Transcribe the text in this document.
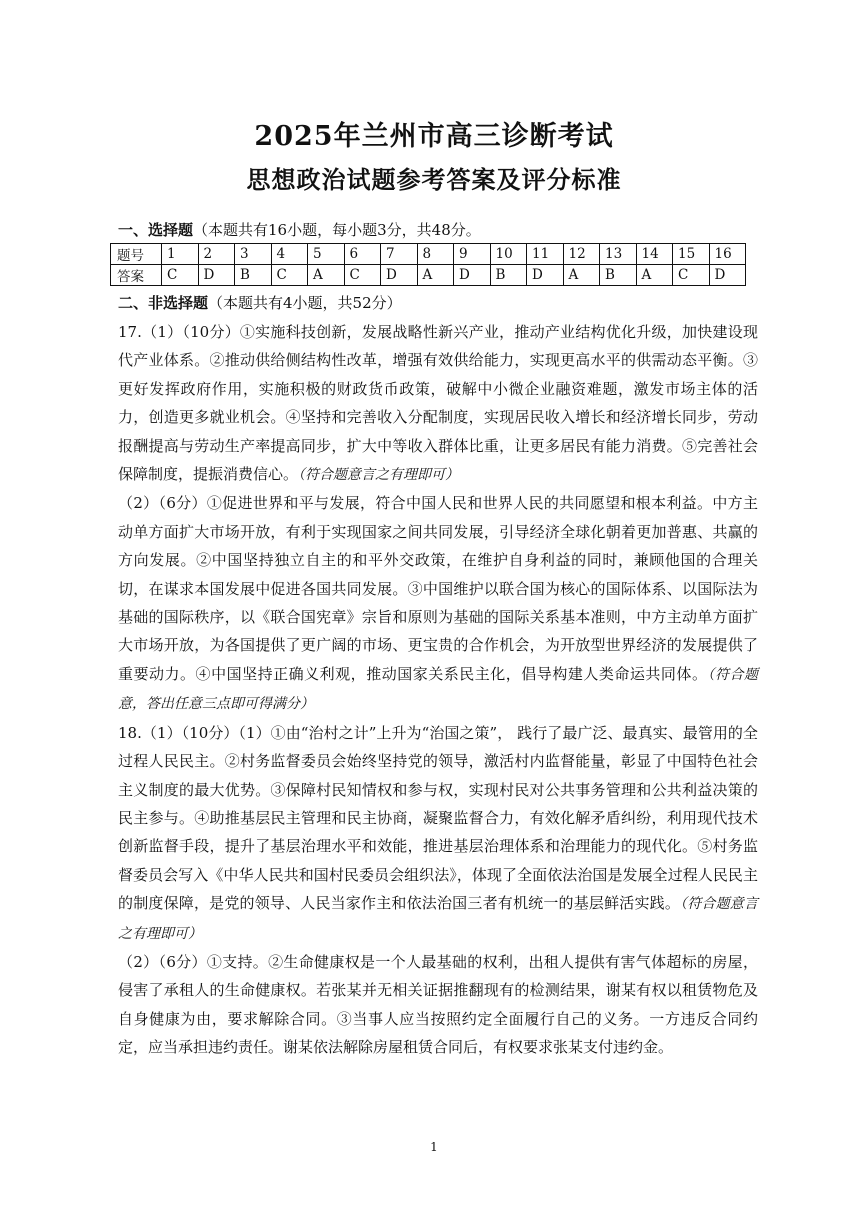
2025年兰州市高三诊断考试
思想政治试题参考答案及评分标准
一、选择题（本题共有16小题，每小题3分，共48分。
题号	1	2	3	4	5	6	7	8	9	10	11	12	13	14	15	16
答案	C	D	B	C	A	C	D	A	D	B	D	A	B	A	C	D
二、非选择题（本题共有4小题，共52分）

17.（1）（10分）①实施科技创新，发展战略性新兴产业，推动产业结构优化升级，加快建设现代产业体系。②推动供给侧结构性改革，增强有效供给能力，实现更高水平的供需动态平衡。③更好发挥政府作用，实施积极的财政货币政策，破解中小微企业融资难题，激发市场主体的活力，创造更多就业机会。④坚持和完善收入分配制度，实现居民收入增长和经济增长同步，劳动报酬提高与劳动生产率提高同步，扩大中等收入群体比重，让更多居民有能力消费。⑤完善社会保障制度，提振消费信心。（符合题意言之有理即可）

（2）（6分）①促进世界和平与发展，符合中国人民和世界人民的共同愿望和根本利益。中方主动单方面扩大市场开放，有利于实现国家之间共同发展，引导经济全球化朝着更加普惠、共赢的方向发展。②中国坚持独立自主的和平外交政策，在维护自身利益的同时，兼顾他国的合理关切，在谋求本国发展中促进各国共同发展。③中国维护以联合国为核心的国际体系、以国际法为基础的国际秩序，以《联合国宪章》宗旨和原则为基础的国际关系基本准则，中方主动单方面扩大市场开放，为各国提供了更广阔的市场、更宝贵的合作机会，为开放型世界经济的发展提供了重要动力。④中国坚持正确义利观，推动国家关系民主化，倡导构建人类命运共同体。（符合题意，答出任意三点即可得满分）

18.（1）（10分）（1）①由“治村之计”上升为“治国之策”， 践行了最广泛、最真实、最管用的全过程人民民主。②村务监督委员会始终坚持党的领导，激活村内监督能量，彰显了中国特色社会主义制度的最大优势。③保障村民知情权和参与权，实现村民对公共事务管理和公共利益决策的民主参与。④助推基层民主管理和民主协商，凝聚监督合力，有效化解矛盾纠纷，利用现代技术创新监督手段，提升了基层治理水平和效能，推进基层治理体系和治理能力的现代化。⑤村务监督委员会写入《中华人民共和国村民委员会组织法》，体现了全面依法治国是发展全过程人民民主的制度保障，是党的领导、人民当家作主和依法治国三者有机统一的基层鲜活实践。（符合题意言之有理即可）

（2）（6分）①支持。②生命健康权是一个人最基础的权利，出租人提供有害气体超标的房屋，侵害了承租人的生命健康权。若张某并无相关证据推翻现有的检测结果，谢某有权以租赁物危及自身健康为由，要求解除合同。③当事人应当按照约定全面履行自己的义务。一方违反合同约定，应当承担违约责任。谢某依法解除房屋租赁合同后，有权要求张某支付违约金。

1
